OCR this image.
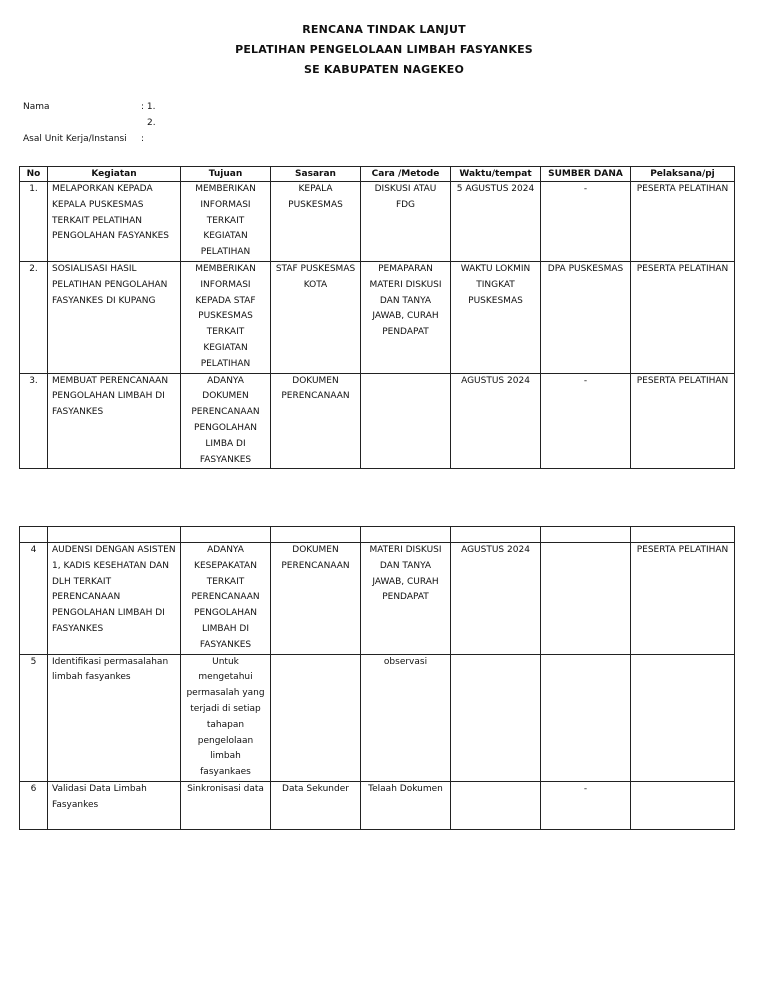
RENCANA TINDAK LANJUT
PELATIHAN PENGELOLAAN LIMBAH FASYANKES
SE KABUPATEN NAGEKEO
Nama	: 1.
2.
Asal Unit Kerja/Instansi :
No	Kegiatan	Tujuan	Sasaran	Cara /Metode	Waktu/tempat	SUMBER DANA	Pelaksana/pj
1.	MELAPORKAN KEPADA KEPALA PUSKESMAS TERKAIT PELATIHAN PENGOLAHAN FASYANKES	MEMBERIKAN INFORMASI TERKAIT KEGIATAN PELATIHAN	KEPALA PUSKESMAS	DISKUSI ATAU FDG	5 AGUSTUS 2024	-	PESERTA PELATIHAN
2.	SOSIALISASI HASIL PELATIHAN PENGOLAHAN FASYANKES DI KUPANG	MEMBERIKAN INFORMASI KEPADA STAF PUSKESMAS TERKAIT KEGIATAN PELATIHAN	STAF PUSKESMAS KOTA	PEMAPARAN MATERI DISKUSI DAN TANYA JAWAB, CURAH PENDAPAT	WAKTU LOKMIN TINGKAT PUSKESMAS	DPA PUSKESMAS	PESERTA PELATIHAN
3.	MEMBUAT PERENCANAAN PENGOLAHAN LIMBAH DI FASYANKES	ADANYA DOKUMEN PERENCANAAN PENGOLAHAN LIMBA DI FASYANKES	DOKUMEN PERENCANAAN		AGUSTUS 2024	-	PESERTA PELATIHAN

4	AUDENSI DENGAN ASISTEN 1, KADIS KESEHATAN DAN DLH TERKAIT PERENCANAAN PENGOLAHAN LIMBAH DI FASYANKES	ADANYA KESEPAKATAN TERKAIT PERENCANAAN PENGOLAHAN LIMBAH DI FASYANKES	DOKUMEN PERENCANAAN	MATERI DISKUSI DAN TANYA JAWAB, CURAH PENDAPAT	AGUSTUS 2024		PESERTA PELATIHAN
5	Identifikasi permasalahan limbah fasyankes	Untuk mengetahui permasalah yang terjadi di setiap tahapan pengelolaan limbah fasyankaes		observasi			
6	Validasi Data Limbah Fasyankes	Sinkronisasi data	Data Sekunder	Telaah Dokumen		-	
